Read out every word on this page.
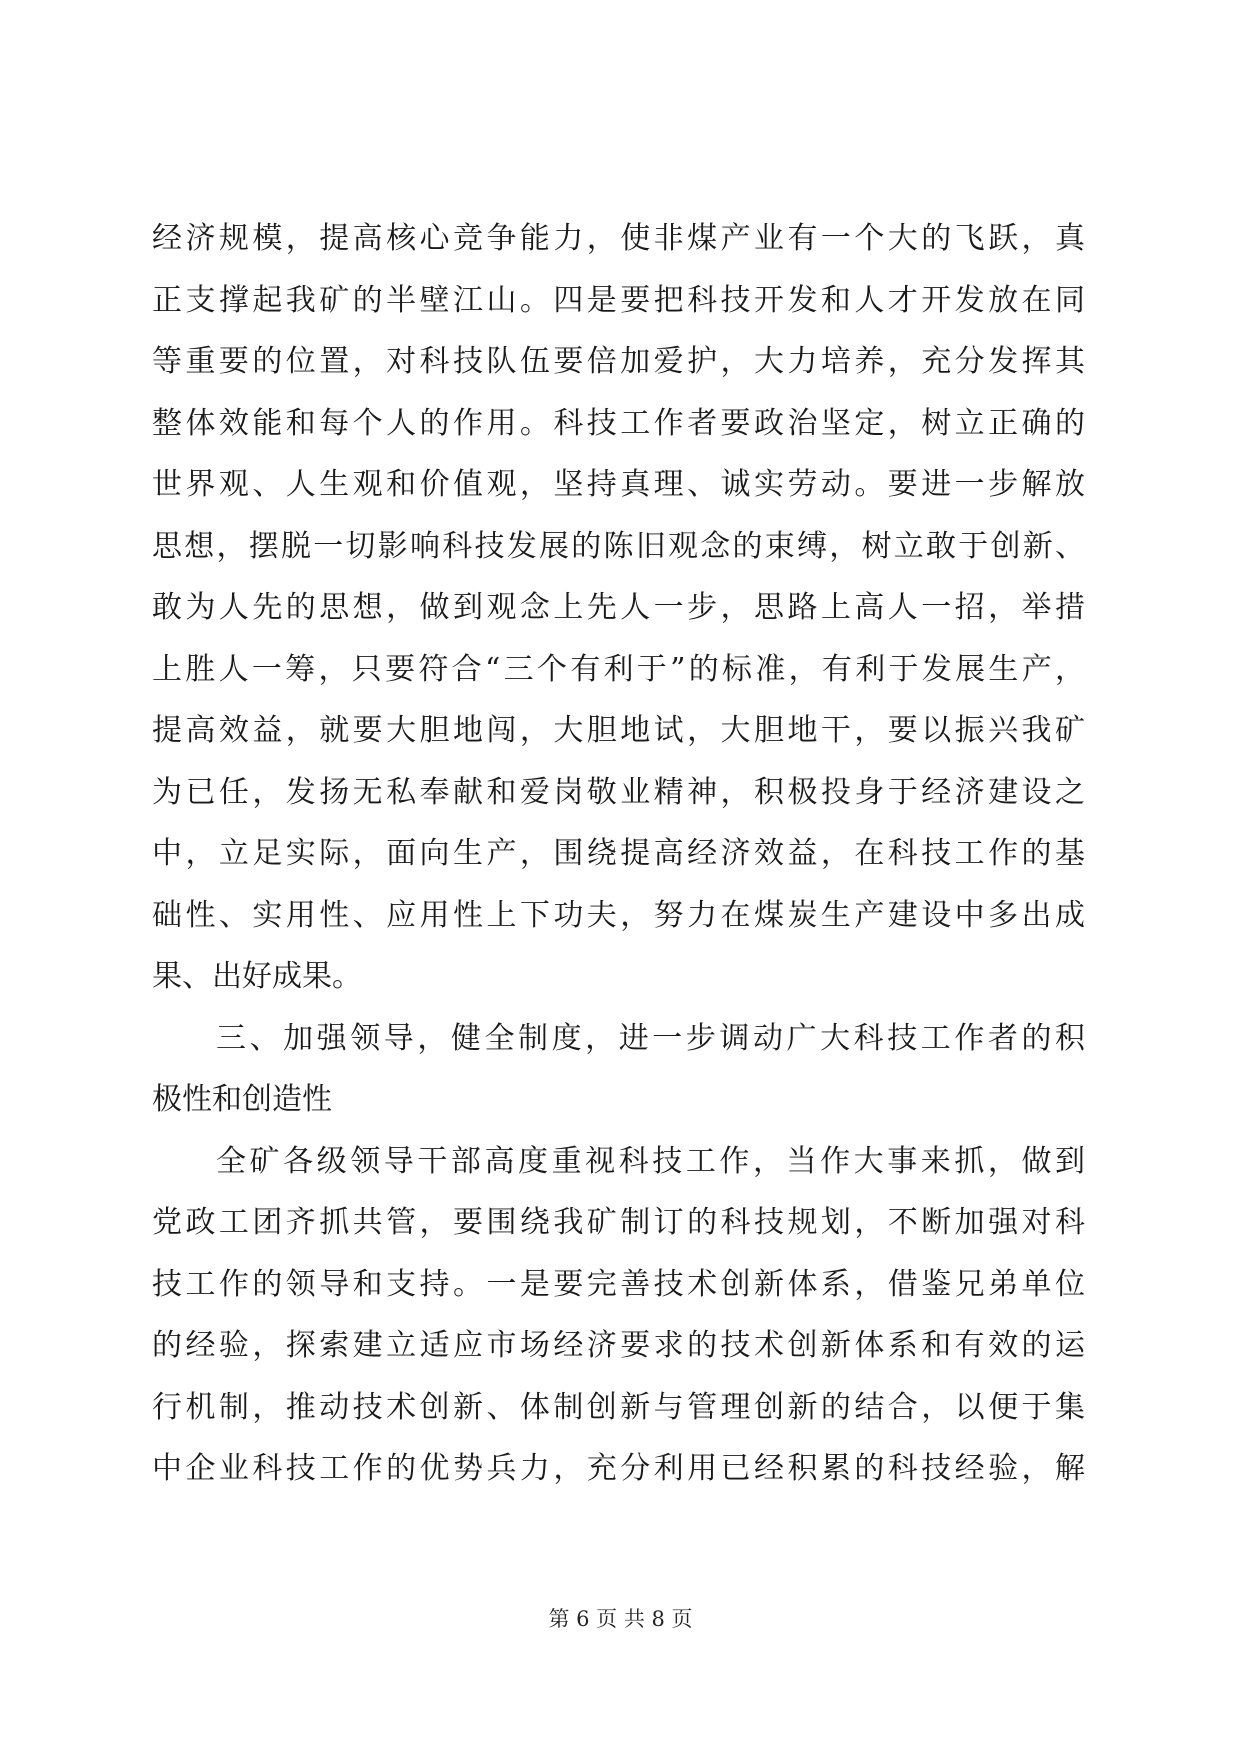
经济规模，提高核心竞争能力，使非煤产业有一个大的飞跃，真
正支撑起我矿的半壁江山。四是要把科技开发和人才开发放在同
等重要的位置，对科技队伍要倍加爱护，大力培养，充分发挥其
整体效能和每个人的作用。科技工作者要政治坚定，树立正确的
世界观、人生观和价值观，坚持真理、诚实劳动。要进一步解放
思想，摆脱一切影响科技发展的陈旧观念的束缚，树立敢于创新、
敢为人先的思想，做到观念上先人一步，思路上高人一招，举措
上胜人一筹，只要符合“三个有利于”的标准，有利于发展生产，
提高效益，就要大胆地闯，大胆地试，大胆地干，要以振兴我矿
为已任，发扬无私奉献和爱岗敬业精神，积极投身于经济建设之
中，立足实际，面向生产，围绕提高经济效益，在科技工作的基
础性、实用性、应用性上下功夫，努力在煤炭生产建设中多出成
果、出好成果。
三、加强领导，健全制度，进一步调动广大科技工作者的积
极性和创造性
全矿各级领导干部高度重视科技工作，当作大事来抓，做到
党政工团齐抓共管，要围绕我矿制订的科技规划，不断加强对科
技工作的领导和支持。一是要完善技术创新体系，借鉴兄弟单位
的经验，探索建立适应市场经济要求的技术创新体系和有效的运
行机制，推动技术创新、体制创新与管理创新的结合，以便于集
中企业科技工作的优势兵力，充分利用已经积累的科技经验，解
第 6 页 共 8 页
